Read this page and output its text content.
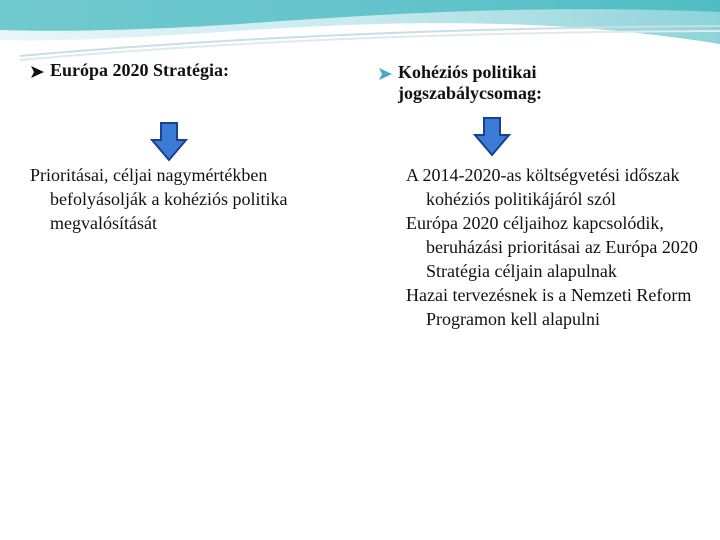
Európa 2020 Stratégia:	Kohéziós politikai
jogszabálycsomag:

Prioritásai, céljai nagymértékben befolyásolják a kohéziós politika megvalósítását

A 2014-2020-as költségvetési időszak kohéziós politikájáról szól

Európa 2020 céljaihoz kapcsolódik, beruházási prioritásai az Európa 2020 Stratégia céljain alapulnak

Hazai tervezésnek is a Nemzeti Reform Programon kell alapulni
